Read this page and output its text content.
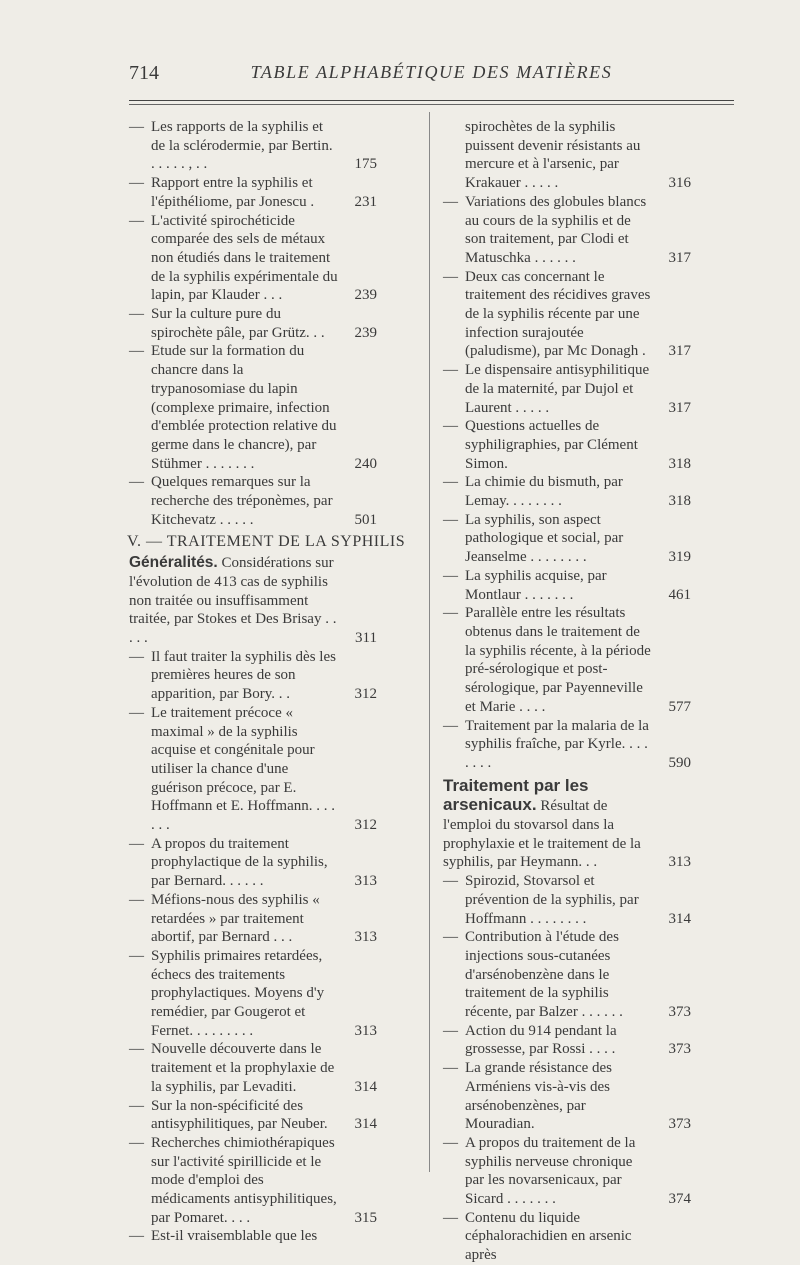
714	TABLE ALPHABÉTIQUE DES MATIÈRES
— Les rapports de la syphilis et de la sclérodermie, par Bertin. . . . . . , . .	175
— Rapport entre la syphilis et l'épithéliome, par Jonescu .	231
— L'activité spirochéticide comparée des sels de métaux non étudiés dans le traitement de la syphilis expérimentale du lapin, par Klauder . . .	239
— Sur la culture pure du spirochète pâle, par Grütz. . . 239
— Etude sur la formation du chancre dans la trypanosomiase du lapin (complexe primaire, infection d'emblée protection relative du germe dans le chancre), par Stühmer . . . . . . .	240
— Quelques remarques sur la recherche des tréponèmes, par Kitchevatz . . . . .	501
V. — TRAITEMENT DE LA SYPHILIS
Généralités. Considérations sur l'évolution de 413 cas de syphilis non traitée ou insuffisamment traitée, par Stokes et Des Brisay . . . . .	311
— Il faut traiter la syphilis dès les premières heures de son apparition, par Bory. . .	312
— Le traitement précoce « maximal » de la syphilis acquise et congénitale pour utiliser la chance d'une guérison précoce, par E. Hoffmann et E. Hoffmann. . . . . . .	312
— A propos du traitement prophylactique de la syphilis, par Bernard. . . . . .	313
— Méfions-nous des syphilis « retardées » par traitement abortif, par Bernard . . .	313
— Syphilis primaires retardées, échecs des traitements prophylactiques. Moyens d'y remédier, par Gougerot et Fernet. . . . . . . . .	313
— Nouvelle découverte dans le traitement et la prophylaxie de la syphilis, par Levaditi.	314
— Sur la non-spécificité des antisyphilitiques, par Neuber. 314
— Recherches chimiothérapiques sur l'activité spirillicide et le mode d'emploi des médicaments antisyphilitiques, par Pomaret. . . .	315
— Est-il vraisemblable que les
spirochètes de la syphilis puissent devenir résistants au mercure et à l'arsenic, par Krakauer . . . . .	316
— Variations des globules blancs au cours de la syphilis et de son traitement, par Clodi et Matuschka . . . . . .	317
— Deux cas concernant le traitement des récidives graves de la syphilis récente par une infection surajoutée (paludisme), par Mc Donagh . 317
— Le dispensaire antisyphilitique de la maternité, par Dujol et Laurent . . . . .	317
— Questions actuelles de syphiligraphies, par Clément Simon.	318
— La chimie du bismuth, par Lemay. . . . . . . .	318
— La syphilis, son aspect pathologique et social, par Jeanselme . . . . . . . .	319
— La syphilis acquise, par Montlaur . . . . . . .	461
— Parallèle entre les résultats obtenus dans le traitement de la syphilis récente, à la période pré-sérologique et post-sérologique, par Payenneville et Marie . . . .	577
— Traitement par la malaria de la syphilis fraîche, par Kyrle. . . . . . . .	590
Traitement par les arsenicaux. Résultat de l'emploi du stovarsol dans la prophylaxie et le traitement de la syphilis, par Heymann. . .	313
— Spirozid, Stovarsol et prévention de la syphilis, par Hoffmann . . . . . . . .	314
— Contribution à l'étude des injections sous-cutanées d'arsénobenzène dans le traitement de la syphilis récente, par Balzer . . . . . .	373
— Action du 914 pendant la grossesse, par Rossi . . . .	373
— La grande résistance des Arméniens vis-à-vis des arsénobenzènes, par Mouradian.	373
— A propos du traitement de la syphilis nerveuse chronique par les novarsenicaux, par Sicard . . . . . . .	374
— Contenu du liquide céphalorachidien en arsenic après
